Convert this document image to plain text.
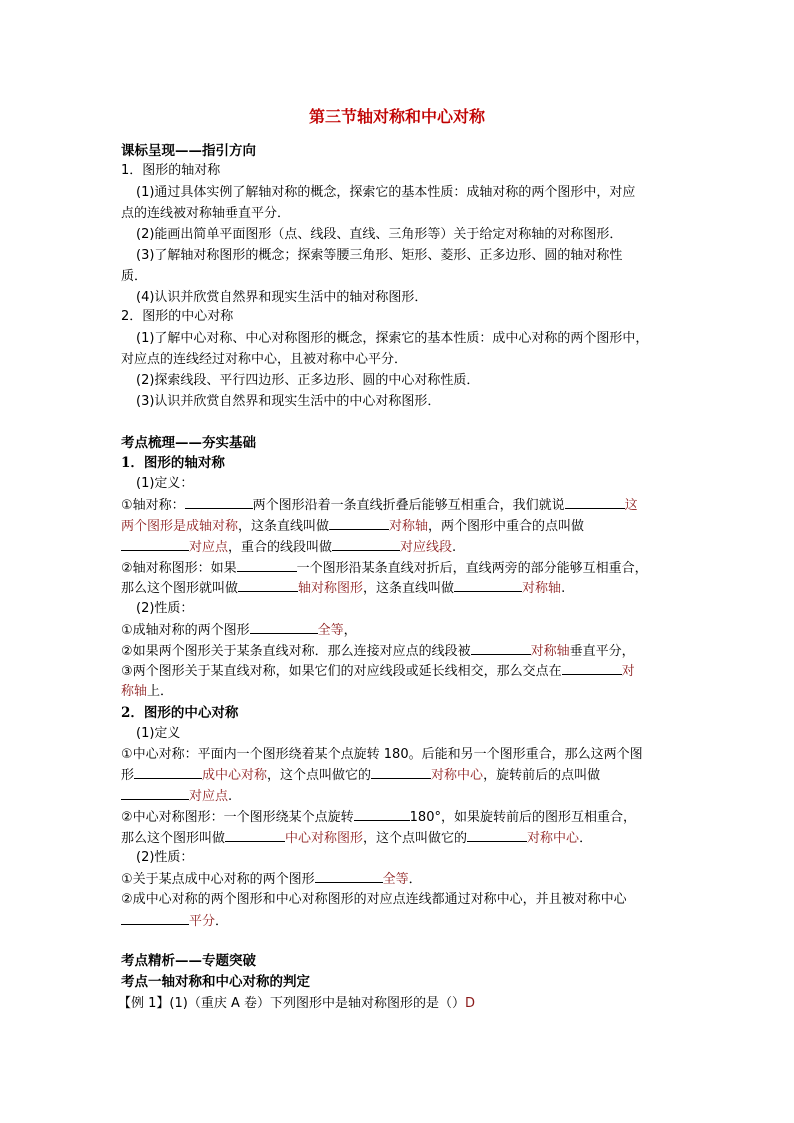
第三节轴对称和中心对称
课标呈现——指引方向
1．图形的轴对称
(1)通过具体实例了解轴对称的概念，探索它的基本性质：成轴对称的两个图形中，对应
点的连线被对称轴垂直平分．
(2)能画出简单平面图形（点、线段、直线、三角形等）关于给定对称轴的对称图形．
(3)了解轴对称图形的概念；探索等腰三角形、矩形、菱形、正多边形、圆的轴对称性
质．
(4)认识并欣赏自然界和现实生活中的轴对称图形．
2．图形的中心对称
(1)了解中心对称、中心对称图形的概念，探索它的基本性质：成中心对称的两个图形中，
对应点的连线经过对称中心，且被对称中心平分．
(2)探索线段、平行四边形、正多边形、圆的中心对称性质．
(3)认识并欣赏自然界和现实生活中的中心对称图形．
考点梳理——夯实基础
1．图形的轴对称
(1)定义：
①轴对称：	两个图形沿着一条直线折叠后能够互相重合，我们就说	这
两个图形是成轴对称，这条直线叫做	对称轴，两个图形中重合的点叫做
对应点，重合的线段叫做	对应线段.
②轴对称图形：如果	一个图形沿某条直线对折后，直线两旁的部分能够互相重合，
那么这个图形就叫做	轴对称图形，这条直线叫做	对称轴.
(2)性质：
①成轴对称的两个图形	全等，
②如果两个图形关于某条直线对称．那么连接对应点的线段被	对称轴垂直平分，
③两个图形关于某直线对称，如果它们的对应线段或延长线相交，那么交点在	对
称轴上．
2．图形的中心对称
(1)定义
①中心对称：平面内一个图形绕着某个点旋转 180。后能和另一个图形重合，那么这两个图
形	成中心对称，这个点叫做它的	对称中心，旋转前后的点叫做
对应点.
②中心对称图形：一个图形绕某个点旋转	180°，如果旋转前后的图形互相重合，
那么这个图形叫做	中心对称图形，这个点叫做它的	对称中心．
(2)性质：
①关于某点成中心对称的两个图形	全等．
②成中心对称的两个图形和中心对称图形的对应点连线都通过对称中心，并且被对称中心
平分．
考点精析——专题突破
考点一轴对称和中心对称的判定
【例 1】(1)（重庆 A 卷）下列图形中是轴对称图形的是（）D
